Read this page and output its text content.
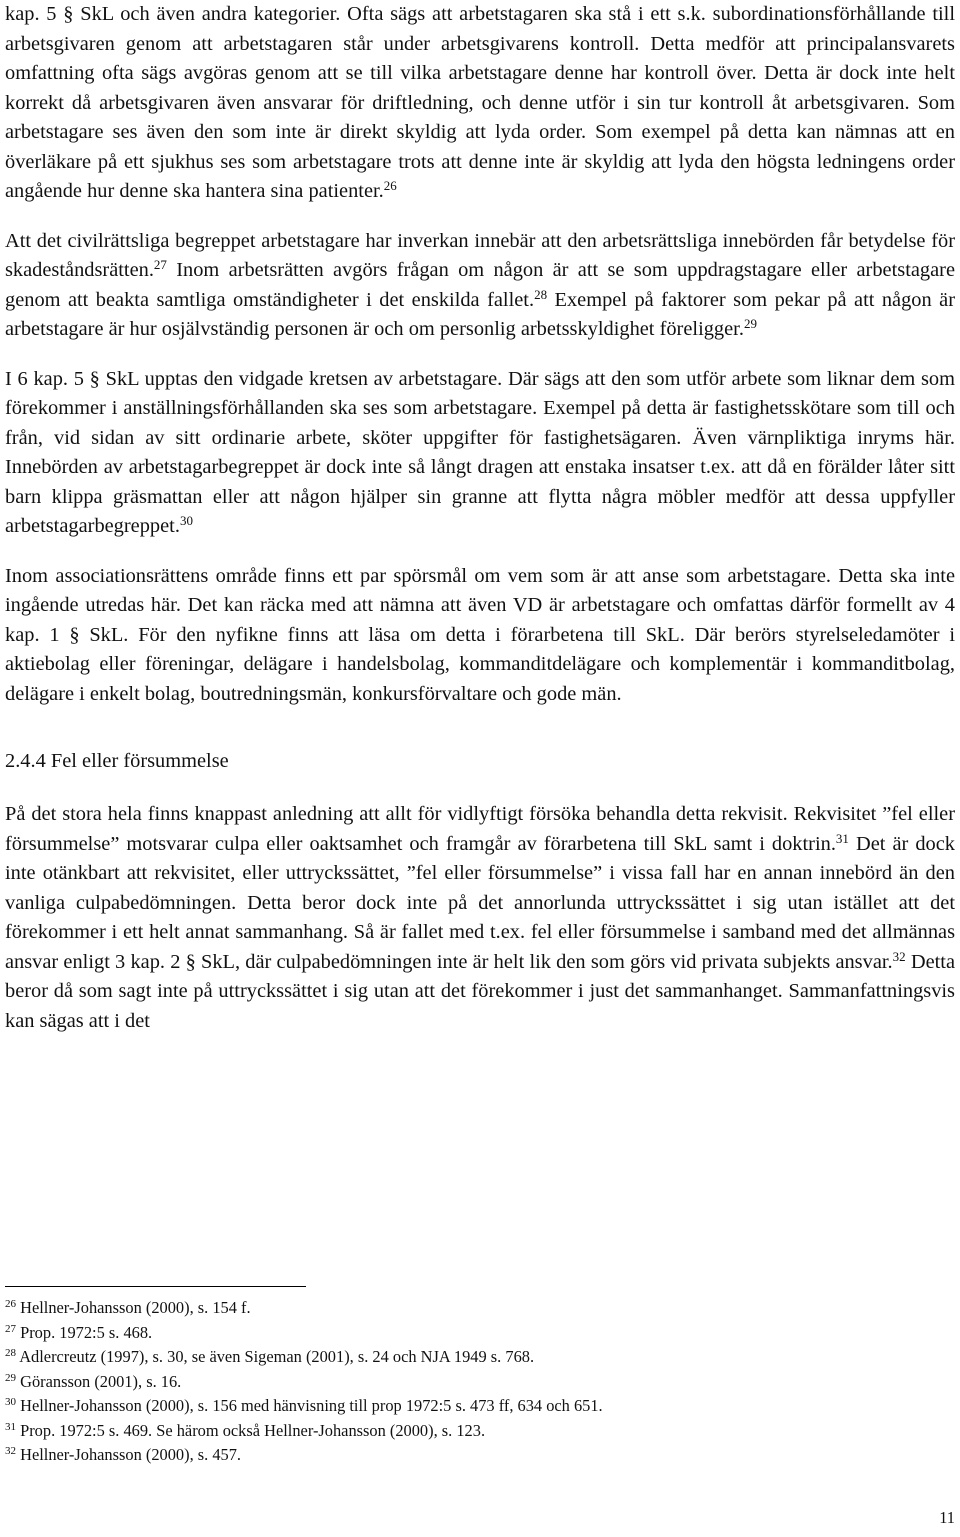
kap. 5 § SkL och även andra kategorier. Ofta sägs att arbetstagaren ska stå i ett s.k. subordinationsförhållande till arbetsgivaren genom att arbetstagaren står under arbetsgivarens kontroll. Detta medför att principalansvarets omfattning ofta sägs avgöras genom att se till vilka arbetstagare denne har kontroll över. Detta är dock inte helt korrekt då arbetsgivaren även ansvarar för driftledning, och denne utför i sin tur kontroll åt arbetsgivaren. Som arbetstagare ses även den som inte är direkt skyldig att lyda order. Som exempel på detta kan nämnas att en överläkare på ett sjukhus ses som arbetstagare trots att denne inte är skyldig att lyda den högsta ledningens order angående hur denne ska hantera sina patienter.$^{26}$

Att det civilrättsliga begreppet arbetstagare har inverkan innebär att den arbetsrättsliga innebörden får betydelse för skadeståndsrätten.$^{27}$ Inom arbetsrätten avgörs frågan om någon är att se som uppdragstagare eller arbetstagare genom att beakta samtliga omständigheter i det enskilda fallet.$^{28}$ Exempel på faktorer som pekar på att någon är arbetstagare är hur osjälvständig personen är och om personlig arbetsskyldighet föreligger.$^{29}$

I 6 kap. 5 § SkL upptas den vidgade kretsen av arbetstagare. Där sägs att den som utför arbete som liknar dem som förekommer i anställningsförhållanden ska ses som arbetstagare. Exempel på detta är fastighetsskötare som till och från, vid sidan av sitt ordinarie arbete, sköter uppgifter för fastighetsägaren. Även värnpliktiga inryms här. Innebörden av arbetstagarbegreppet är dock inte så långt dragen att enstaka insatser t.ex. att då en förälder låter sitt barn klippa gräsmattan eller att någon hjälper sin granne att flytta några möbler medför att dessa uppfyller arbetstagarbegreppet.$^{30}$

Inom associationsrättens område finns ett par spörsmål om vem som är att anse som arbetstagare. Detta ska inte ingående utredas här. Det kan räcka med att nämna att även VD är arbetstagare och omfattas därför formellt av 4 kap. 1 § SkL. För den nyfikne finns att läsa om detta i förarbetena till SkL. Där berörs styrelseledamöter i aktiebolag eller föreningar, delägare i handelsbolag, kommanditdelägare och komplementär i kommanditbolag, delägare i enkelt bolag, boutredningsmän, konkursförvaltare och gode män.

2.4.4 Fel eller försummelse

På det stora hela finns knappast anledning att allt för vidlyftigt försöka behandla detta rekvisit. Rekvisitet ”fel eller försummelse” motsvarar culpa eller oaktsamhet och framgår av förarbetena till SkL samt i doktrin.$^{31}$ Det är dock inte otänkbart att rekvisitet, eller uttryckssättet, ”fel eller försummelse” i vissa fall har en annan innebörd än den vanliga culpabedömningen. Detta beror dock inte på det annorlunda uttryckssättet i sig utan istället att det förekommer i ett helt annat sammanhang. Så är fallet med t.ex. fel eller försummelse i samband med det allmännas ansvar enligt 3 kap. 2 § SkL, där culpabedömningen inte är helt lik den som görs vid privata subjekts ansvar.$^{32}$ Detta beror då som sagt inte på uttryckssättet i sig utan att det förekommer i just det sammanhanget. Sammanfattningsvis kan sägas att i det

$^{26}$ Hellner-Johansson (2000), s. 154 f.
$^{27}$ Prop. 1972:5 s. 468.
$^{28}$ Adlercreutz (1997), s. 30, se även Sigeman (2001), s. 24 och NJA 1949 s. 768.
$^{29}$ Göransson (2001), s. 16.
$^{30}$ Hellner-Johansson (2000), s. 156 med hänvisning till prop 1972:5 s. 473 ff, 634 och 651.
$^{31}$ Prop. 1972:5 s. 469. Se härom också Hellner-Johansson (2000), s. 123.
$^{32}$ Hellner-Johansson (2000), s. 457.
11
